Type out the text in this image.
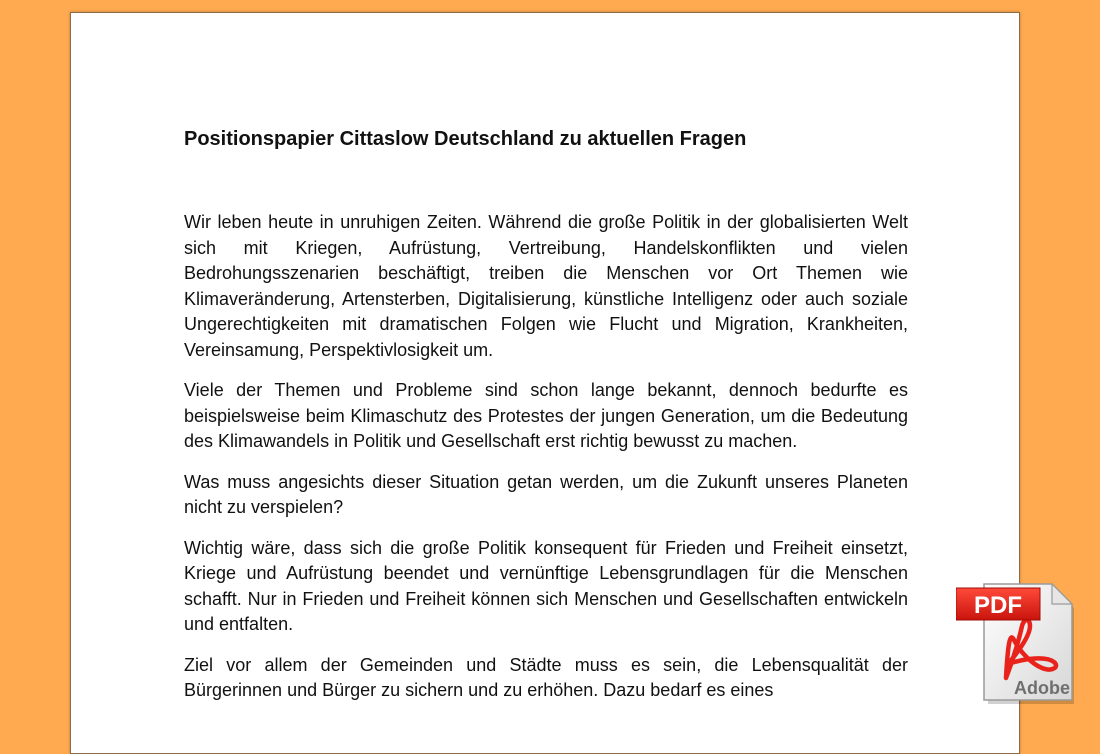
Positionspapier Cittaslow Deutschland zu aktuellen Fragen

Wir leben heute in unruhigen Zeiten. Während die große Politik in der globalisierten Welt sich mit Kriegen, Aufrüstung, Vertreibung, Handelskonflikten und vielen Bedrohungsszenarien beschäftigt, treiben die Menschen vor Ort Themen wie Klimaveränderung, Artensterben, Digitalisierung, künstliche Intelligenz oder auch soziale Ungerechtigkeiten mit dramatischen Folgen wie Flucht und Migration, Krankheiten, Vereinsamung, Perspektivlosigkeit um.

Viele der Themen und Probleme sind schon lange bekannt, dennoch bedurfte es beispielsweise beim Klimaschutz des Protestes der jungen Generation, um die Bedeutung des Klimawandels in Politik und Gesellschaft erst richtig bewusst zu machen.

Was muss angesichts dieser Situation getan werden, um die Zukunft unseres Planeten nicht zu verspielen?

Wichtig wäre, dass sich die große Politik konsequent für Frieden und Freiheit einsetzt, Kriege und Aufrüstung beendet und vernünftige Lebensgrundlagen für die Menschen schafft. Nur in Frieden und Freiheit können sich Menschen und Gesellschaften entwickeln und entfalten.

Ziel vor allem der Gemeinden und Städte muss es sein, die Lebensqualität der Bürgerinnen und Bürger zu sichern und zu erhöhen. Dazu bedarf es eines

PDF
Adobe
